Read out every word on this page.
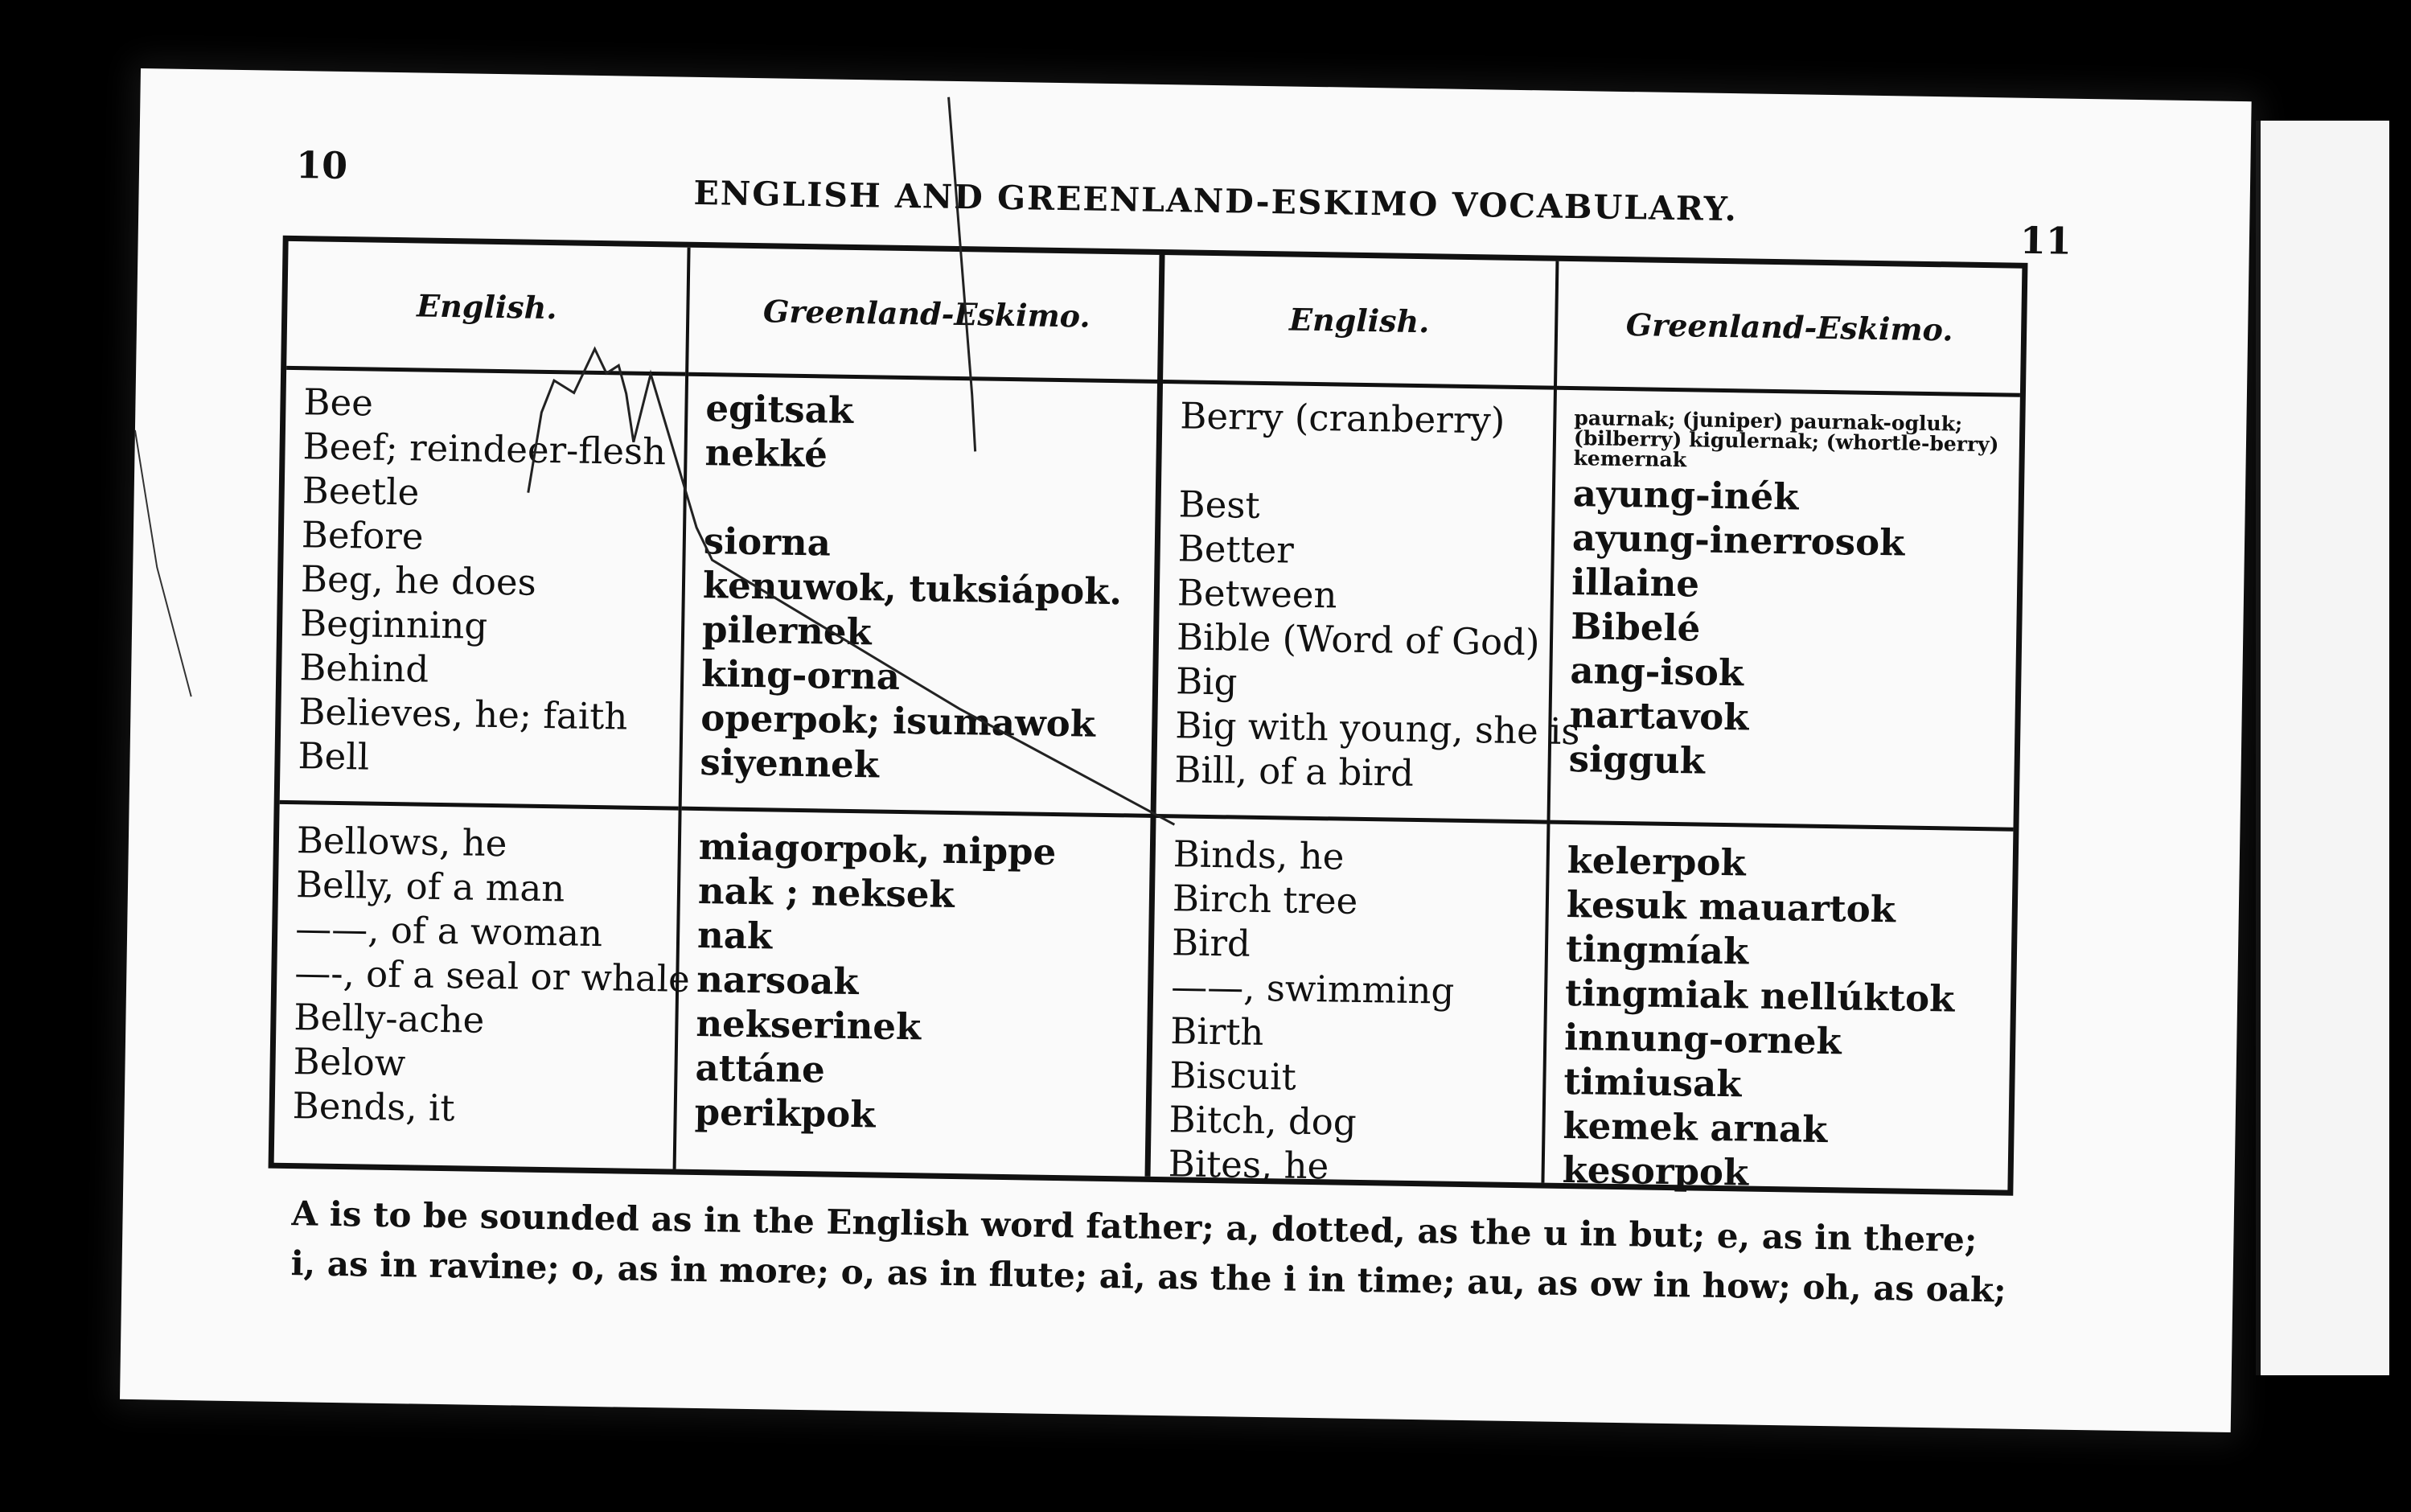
10
ENGLISH AND GREENLAND-ESKIMO VOCABULARY.
11
English.
Bee
Beef; reindeer-flesh
Beetle
Before
Beg, he does
Beginning
Behind
Believes, he; faith
Bell
Bellows, he
Belly, of a man
——, of a woman
—-, of a seal or whale
Belly-ache
Below
Bends, it
Greenland-Eskimo.
egitsak
nekké
siorna
kenuwok, tuksiápok.
pilernek
king-orna
operpok; isumawok
siyennek
miagorpok, nippe
nak ; neksek
nak
narsoak
nekserinek
attáne
perikpok
English.
Berry (cranberry)
Best
Better
Between
Bible (Word of God)
Big
Big with young, she is
Bill, of a bird
Binds, he
Birch tree
Bird
——, swimming
Birth
Biscuit
Bitch, dog
Bites, he
Greenland-Eskimo.
paurnak; (juniper) paurnak-ogluk; (bilberry) kigulernak; (whortle-berry) kemernak
ayung-inék
ayung-inerrosok
illaine
Bibelé
ang-isok
nartavok
sigguk
kelerpok
kesuk mauartok
tingmíak
tingmiak nellúktok
innung-ornek
timiusak
kemek arnak
kesorpok
A is to be sounded as in the English word father; a, dotted, as the u in but; e, as in there;
i, as in ravine; o, as in more; o, as in flute; ai, as the i in time; au, as ow in how; oh, as oak;
